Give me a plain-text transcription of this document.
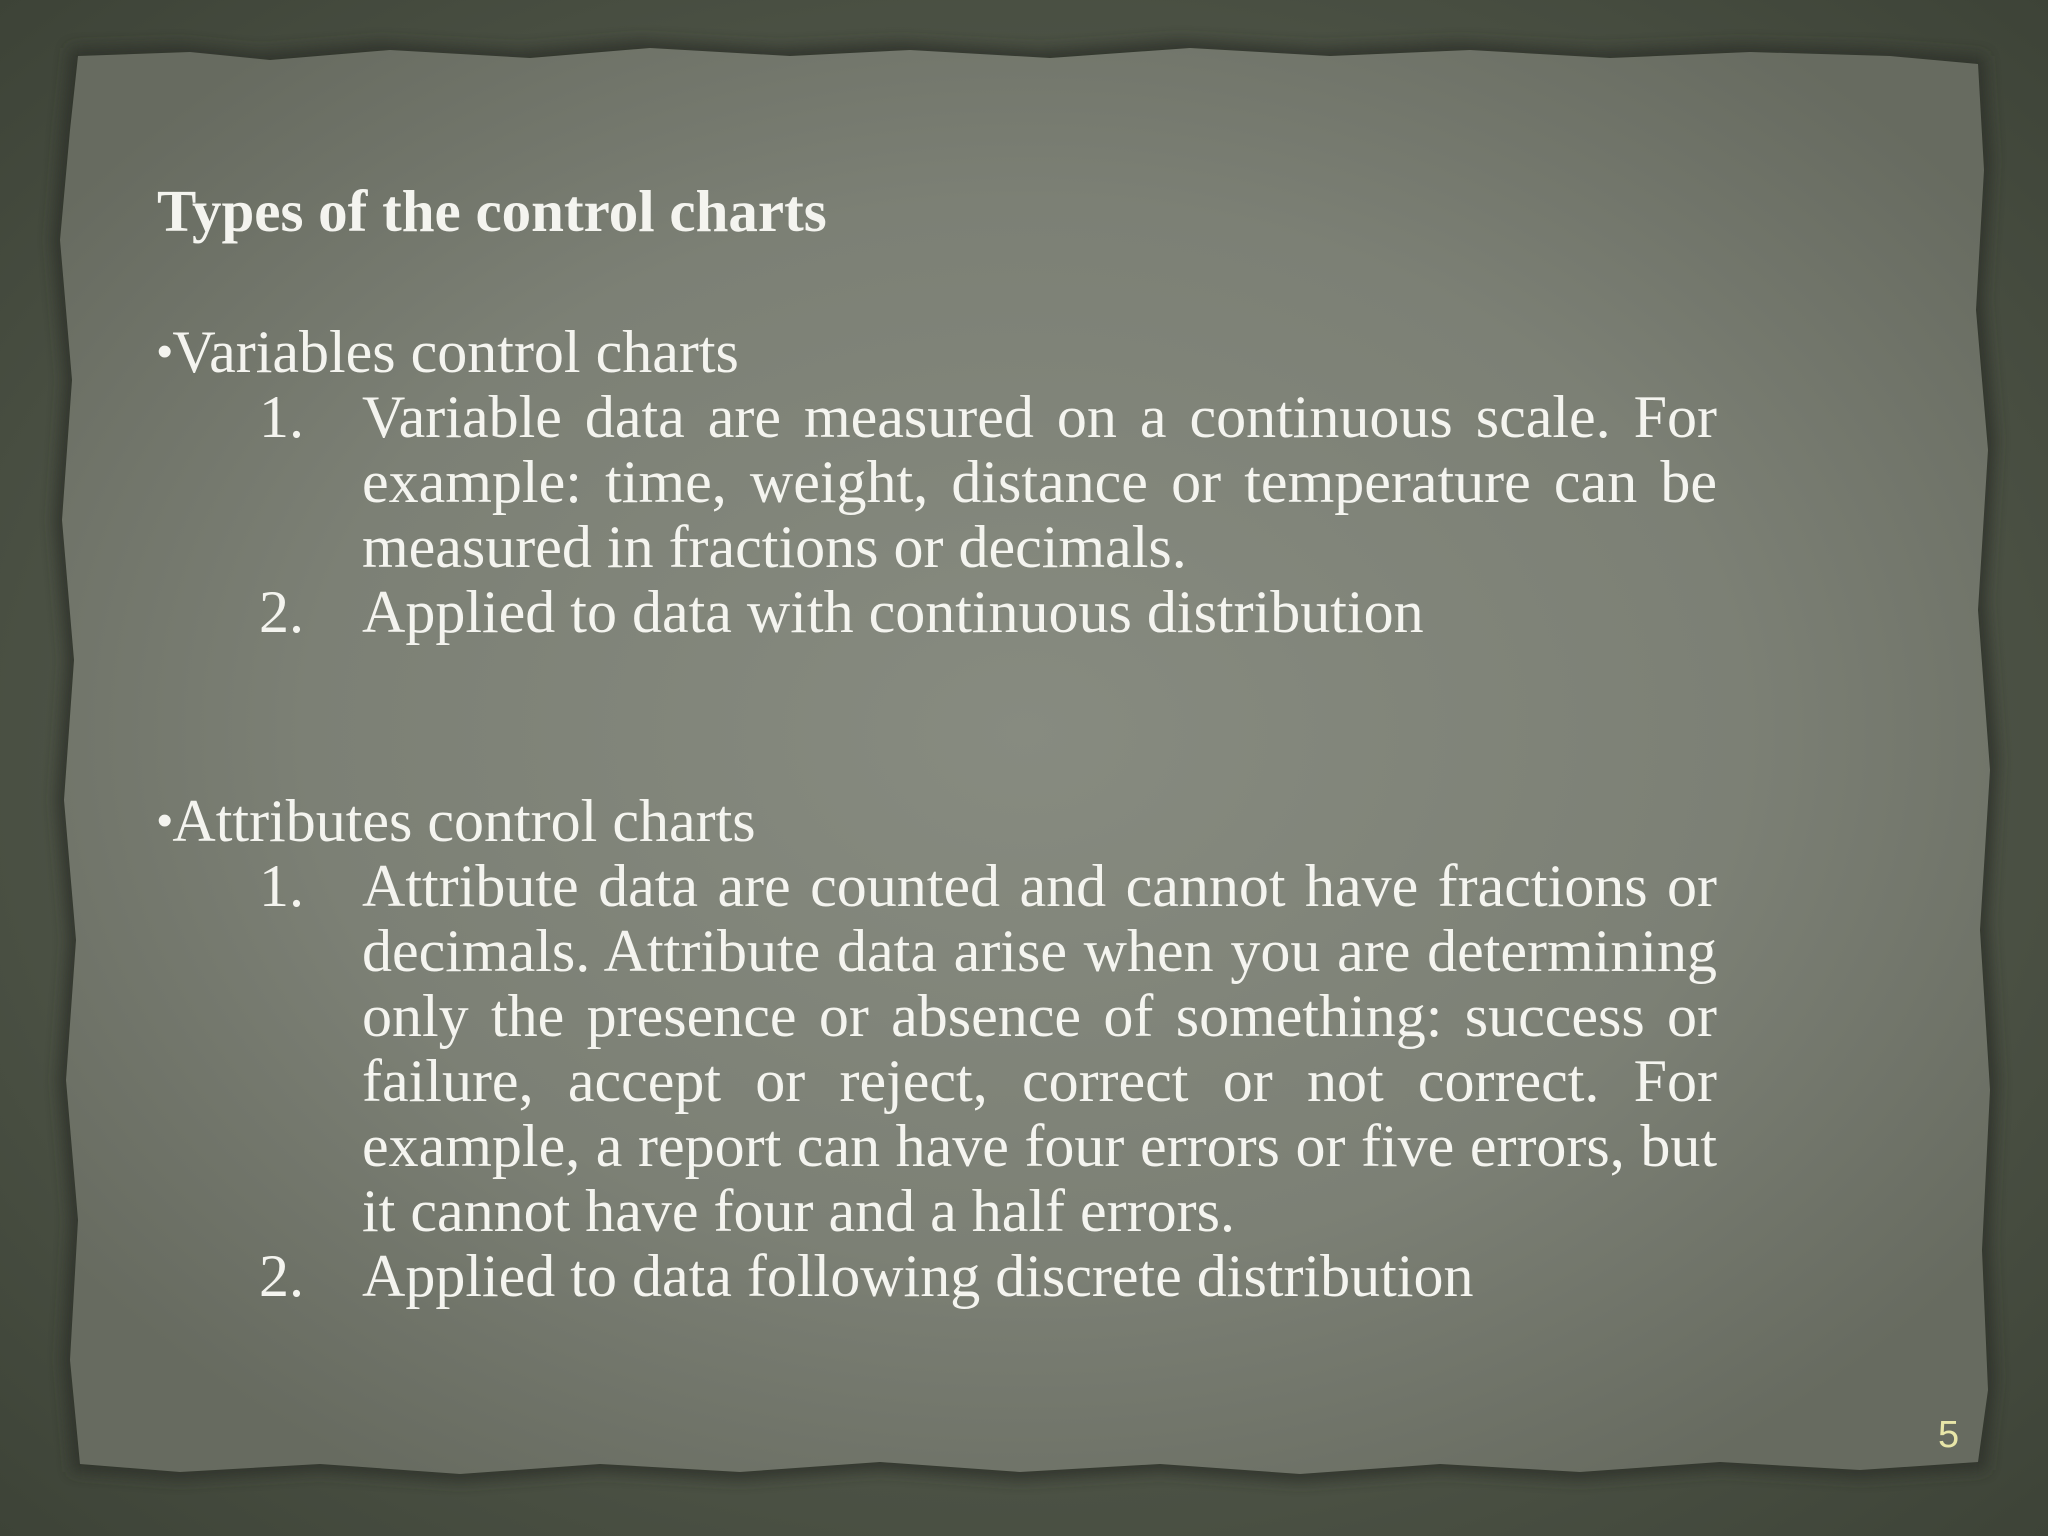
Types of the control charts
•Variables control charts
1. Variable data are measured on a continuous scale. For example: time, weight, distance or temperature can be measured in fractions or decimals.
2. Applied to data with continuous distribution
•Attributes control charts
1. Attribute data are counted and cannot have fractions or decimals. Attribute data arise when you are determining only the presence or absence of something: success or failure, accept or reject, correct or not correct. For example, a report can have four errors or five errors, but it cannot have four and a half errors.
2. Applied to data following discrete distribution
5
